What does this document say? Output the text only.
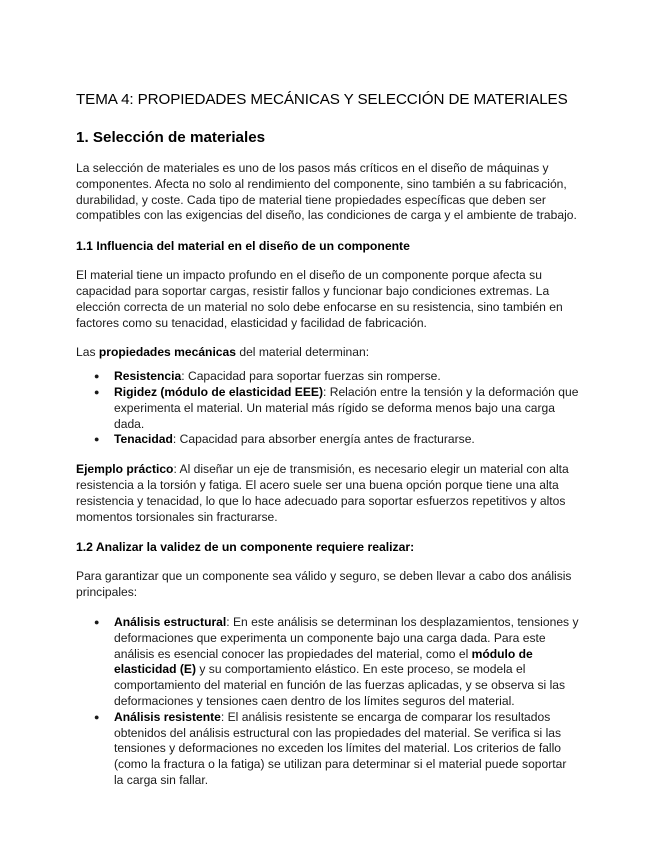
TEMA 4: PROPIEDADES MECÁNICAS Y SELECCIÓN DE MATERIALES
1. Selección de materiales

La selección de materiales es uno de los pasos más críticos en el diseño de máquinas y componentes. Afecta no solo al rendimiento del componente, sino también a su fabricación, durabilidad, y coste. Cada tipo de material tiene propiedades específicas que deben ser compatibles con las exigencias del diseño, las condiciones de carga y el ambiente de trabajo.

1.1 Influencia del material en el diseño de un componente

El material tiene un impacto profundo en el diseño de un componente porque afecta su capacidad para soportar cargas, resistir fallos y funcionar bajo condiciones extremas. La elección correcta de un material no solo debe enfocarse en su resistencia, sino también en factores como su tenacidad, elasticidad y facilidad de fabricación.

Las propiedades mecánicas del material determinan:

● Resistencia: Capacidad para soportar fuerzas sin romperse.
● Rigidez (módulo de elasticidad EEE): Relación entre la tensión y la deformación que experimenta el material. Un material más rígido se deforma menos bajo una carga dada.
● Tenacidad: Capacidad para absorber energía antes de fracturarse.

Ejemplo práctico: Al diseñar un eje de transmisión, es necesario elegir un material con alta resistencia a la torsión y fatiga. El acero suele ser una buena opción porque tiene una alta resistencia y tenacidad, lo que lo hace adecuado para soportar esfuerzos repetitivos y altos momentos torsionales sin fracturarse.

1.2 Analizar la validez de un componente requiere realizar:

Para garantizar que un componente sea válido y seguro, se deben llevar a cabo dos análisis principales:

● Análisis estructural: En este análisis se determinan los desplazamientos, tensiones y deformaciones que experimenta un componente bajo una carga dada. Para este análisis es esencial conocer las propiedades del material, como el módulo de elasticidad (E) y su comportamiento elástico. En este proceso, se modela el comportamiento del material en función de las fuerzas aplicadas, y se observa si las deformaciones y tensiones caen dentro de los límites seguros del material.
● Análisis resistente: El análisis resistente se encarga de comparar los resultados obtenidos del análisis estructural con las propiedades del material. Se verifica si las tensiones y deformaciones no exceden los límites del material. Los criterios de fallo (como la fractura o la fatiga) se utilizan para determinar si el material puede soportar la carga sin fallar.
